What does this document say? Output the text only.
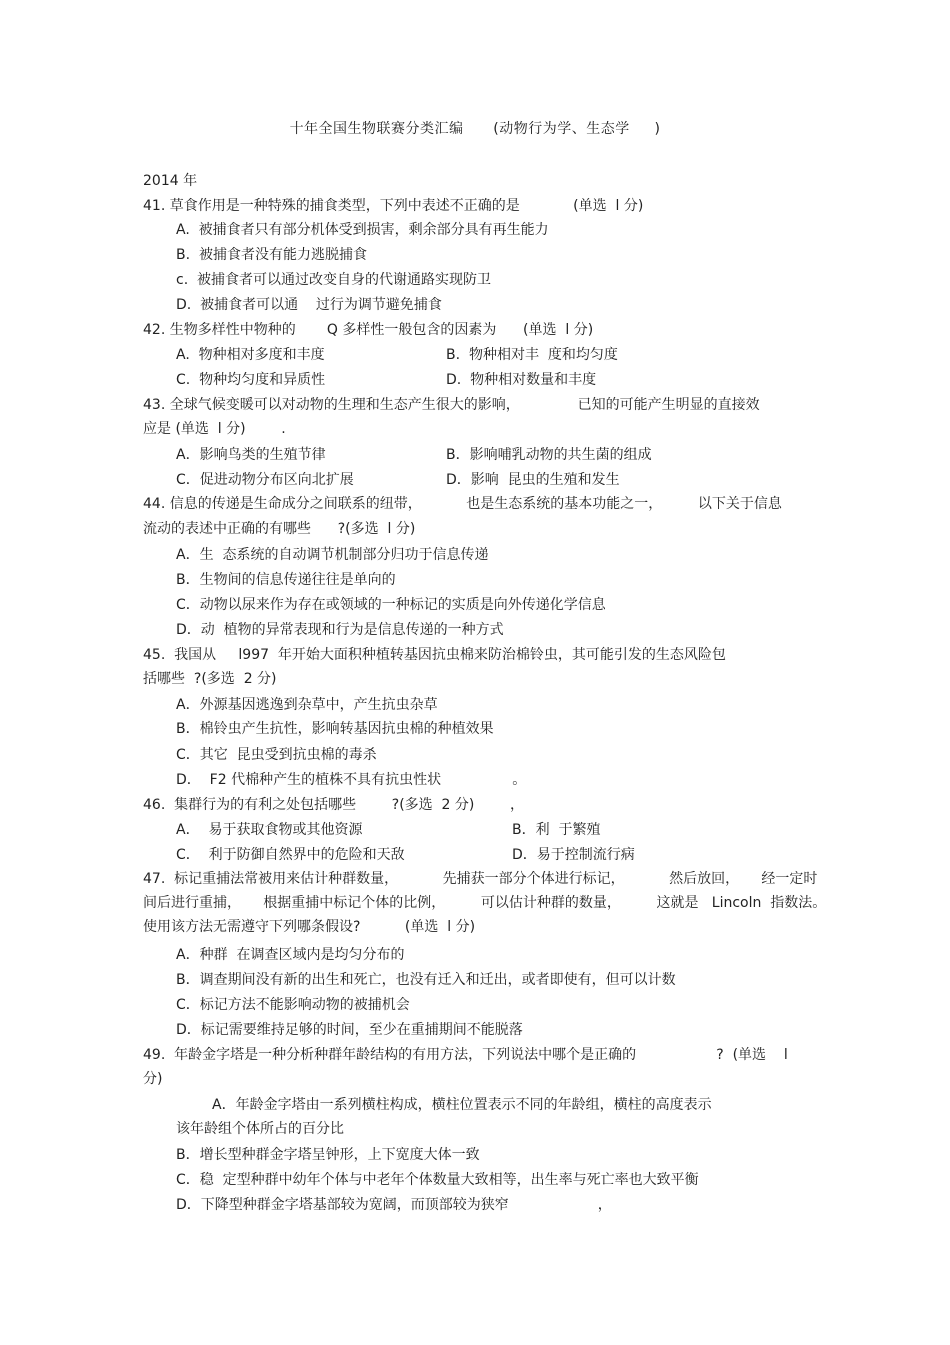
十年全国生物联赛分类汇编      (动物行为学、生态学     )
2014 年
41. 草食作用是一种特殊的捕食类型，下列中表述不正确的是            (单选  l 分)
A.  被捕食者只有部分机体受到损害，剩余部分具有再生能力
B.  被捕食者没有能力逃脱捕食
c.  被捕食者可以通过改变自身的代谢通路实现防卫
D.  被捕食者可以通    过行为调节避免捕食
42. 生物多样性中物种的       Q 多样性一般包含的因素为      (单选  l 分)
A.  物种相对多度和丰度	B.  物种相对丰  度和均匀度
C.  物种均匀度和异质性	D.  物种相对数量和丰度
43. 全球气候变暖可以对动物的生理和生态产生很大的影响，             已知的可能产生明显的直接效
应是 (单选  l 分)        .
A．影响鸟类的生殖节律	B．影响哺乳动物的共生菌的组成
C．促进动物分布区向北扩展	D．影响  昆虫的生殖和发生
44. 信息的传递是生命成分之间联系的纽带，          也是生态系统的基本功能之一，        以下关于信息
流动的表述中正确的有哪些      ?(多选  l 分)
A．生  态系统的自动调节机制部分归功于信息传递
B．生物间的信息传递往往是单向的
C．动物以尿来作为存在或领域的一种标记的实质是向外传递化学信息
D．动  植物的异常表现和行为是信息传递的一种方式
45.  我国从     l997  年开始大面积种植转基因抗虫棉来防治棉铃虫，其可能引发的生态风险包
括哪些  ?(多选  2 分)
A．外源基因逃逸到杂草中，产生抗虫杂草
B．棉铃虫产生抗性，影响转基因抗虫棉的种植效果
C．其它  昆虫受到抗虫棉的毒杀
D．  F2 代棉种产生的植株不具有抗虫性状                。
46.  集群行为的有利之处包括哪些        ?(多选  2 分)        ，
A．  易于获取食物或其他资源	B．利  于繁殖
C．  利于防御自然界中的危险和天敌	D．易于控制流行病
47.  标记重捕法常被用来估计种群数量，          先捕获一部分个体进行标记，          然后放回，     经一定时
间后进行重捕，     根据重捕中标记个体的比例，        可以估计种群的数量，        这就是   Lincoln  指数法。
使用该方法无需遵守下列哪条假设?          (单选  l 分)
A．种群  在调查区域内是均匀分布的
B．调查期间没有新的出生和死亡，也没有迁入和迁出，或者即使有，但可以计数
C．标记方法不能影响动物的被捕机会
D．标记需要维持足够的时间，至少在重捕期间不能脱落
49.  年龄金字塔是一种分析种群年龄结构的有用方法，下列说法中哪个是正确的                  ?  (单选    l
分)
A．年龄金字塔由一系列横柱构成，横柱位置表示不同的年龄组，横柱的高度表示
该年龄组个体所占的百分比
B．增长型种群金字塔呈钟形，上下宽度大体一致
C．稳  定型种群中幼年个体与中老年个体数量大致相等，出生率与死亡率也大致平衡
D．下降型种群金字塔基部较为宽阔，而顶部较为狭窄                    ，
